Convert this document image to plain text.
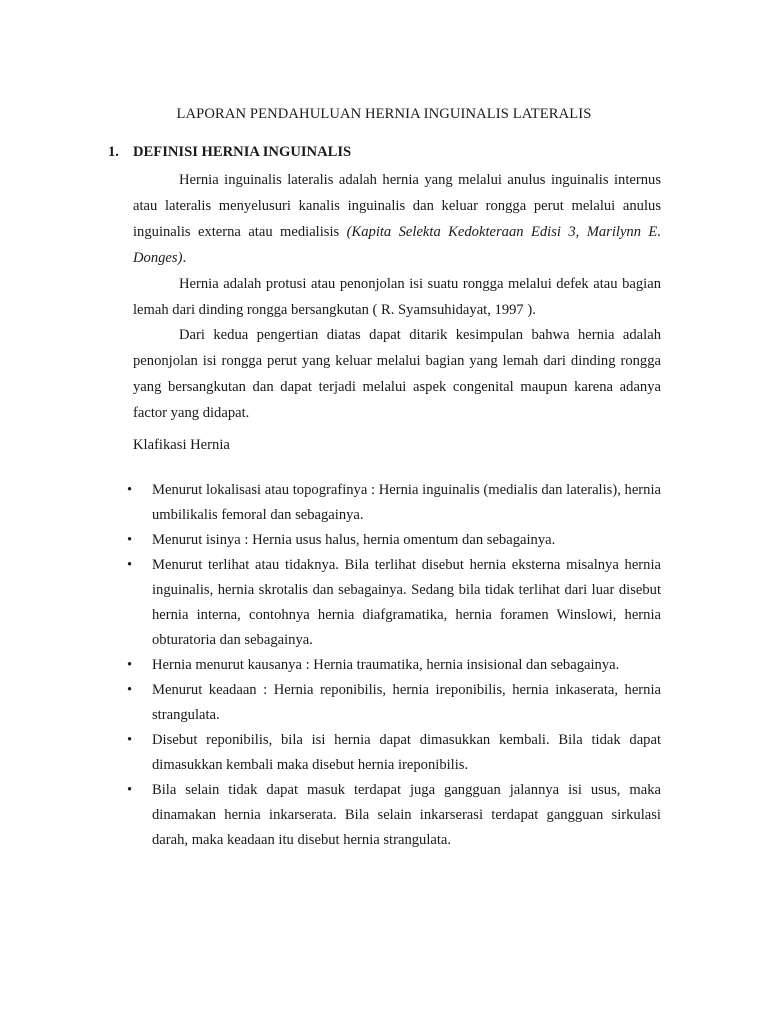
LAPORAN PENDAHULUAN HERNIA INGUINALIS LATERALIS
1. DEFINISI HERNIA INGUINALIS

Hernia inguinalis lateralis adalah hernia yang melalui anulus inguinalis internus atau lateralis menyelusuri kanalis inguinalis dan keluar rongga perut melalui anulus inguinalis externa atau medialisis (Kapita Selekta Kedokteraan Edisi 3, Marilynn E. Donges).

Hernia adalah protusi atau penonjolan isi suatu rongga melalui defek atau bagian lemah dari dinding rongga bersangkutan ( R. Syamsuhidayat, 1997 ).

Dari kedua pengertian diatas dapat ditarik kesimpulan bahwa hernia adalah penonjolan isi rongga perut yang keluar melalui bagian yang lemah dari dinding rongga yang bersangkutan dan dapat terjadi melalui aspek congenital maupun karena adanya factor yang didapat.

Klafikasi Hernia
• Menurut lokalisasi atau topografinya : Hernia inguinalis (medialis dan lateralis), hernia umbilikalis femoral dan sebagainya.
• Menurut isinya : Hernia usus halus, hernia omentum dan sebagainya.
• Menurut terlihat atau tidaknya. Bila terlihat disebut hernia eksterna misalnya hernia inguinalis, hernia skrotalis dan sebagainya. Sedang bila tidak terlihat dari luar disebut hernia interna, contohnya hernia diafgramatika, hernia foramen Winslowi, hernia obturatoria dan sebagainya.
• Hernia menurut kausanya : Hernia traumatika, hernia insisional dan sebagainya.
• Menurut keadaan : Hernia reponibilis, hernia ireponibilis, hernia inkaserata, hernia strangulata.
• Disebut reponibilis, bila isi hernia dapat dimasukkan kembali. Bila tidak dapat dimasukkan kembali maka disebut hernia ireponibilis.
• Bila selain tidak dapat masuk terdapat juga gangguan jalannya isi usus, maka dinamakan hernia inkarserata. Bila selain inkarserasi terdapat gangguan sirkulasi darah, maka keadaan itu disebut hernia strangulata.
